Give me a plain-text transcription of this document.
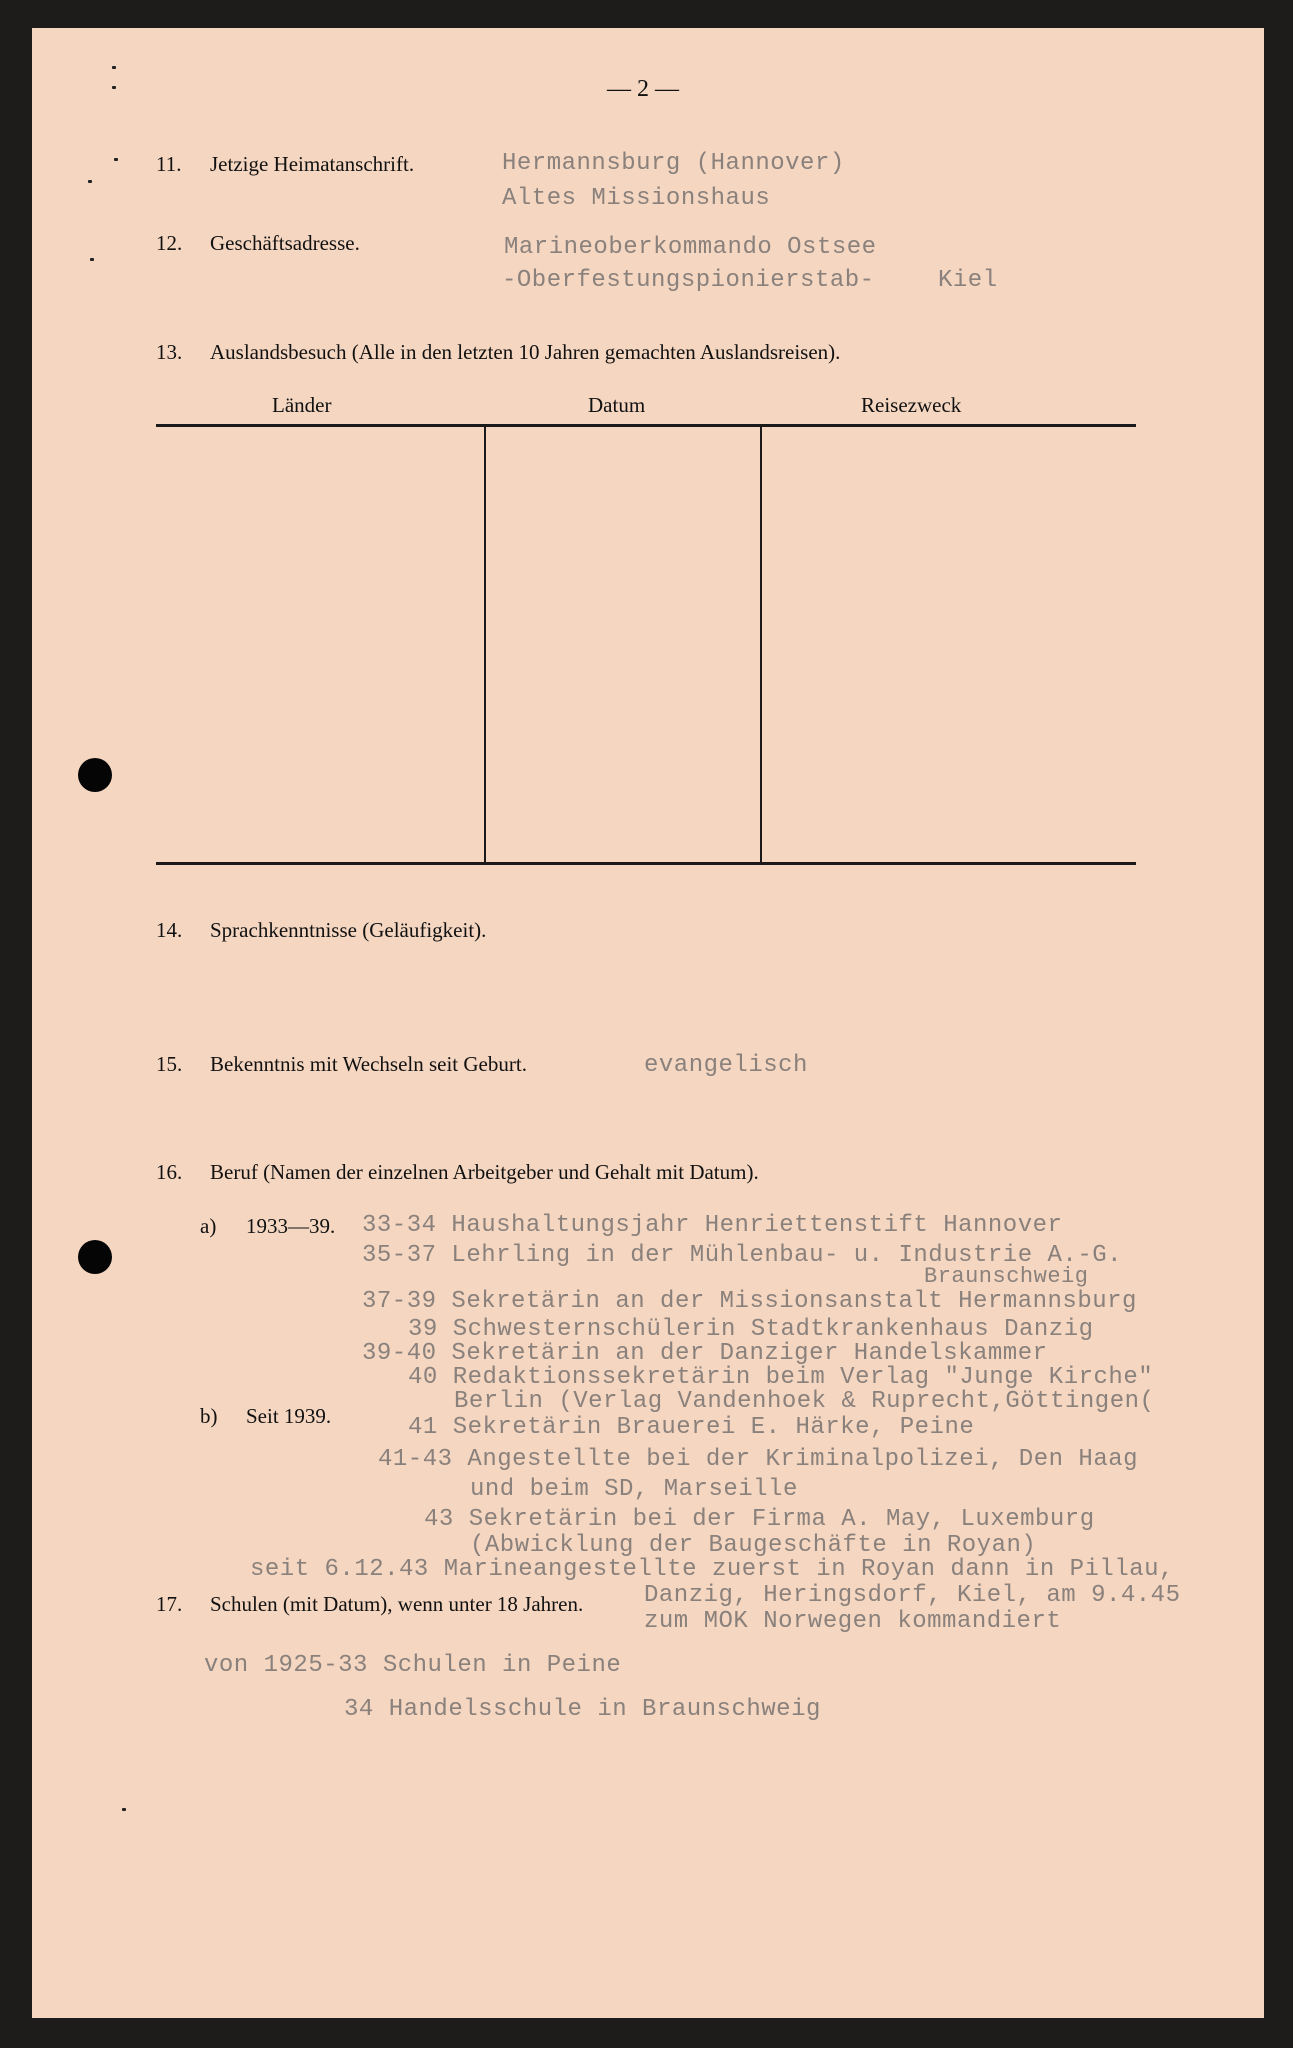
— 2 —
11. Jetzige Heimatanschrift.	Hermannsburg (Hannover)
Altes Missionshaus
12. Geschäftsadresse.	Marineoberkommando Ostsee
-Oberfestungspionierstab-	Kiel
13. Auslandsbesuch (Alle in den letzten 10 Jahren gemachten Auslandsreisen).
Länder	Datum	Reisezweck
14. Sprachkenntnisse (Geläufigkeit).
15. Bekenntnis mit Wechseln seit Geburt.	evangelisch
16. Beruf (Namen der einzelnen Arbeitgeber und Gehalt mit Datum).
a) 1933—39.
b) Seit 1939.
33-34 Haushaltungsjahr Henriettenstift Hannover
35-37 Lehrling in der Mühlenbau- u. Industrie A.-G.
Braunschweig
37-39 Sekretärin an der Missionsanstalt Hermannsburg
39 Schwesternschülerin Stadtkrankenhaus Danzig
39-40 Sekretärin an der Danziger Handelskammer
40 Redaktionssekretärin beim Verlag "Junge Kirche"
Berlin (Verlag Vandenhoek & Ruprecht,Göttingen(
41 Sekretärin Brauerei E. Härke, Peine
41-43 Angestellte bei der Kriminalpolizei, Den Haag
und beim SD, Marseille
43 Sekretärin bei der Firma A. May, Luxemburg
(Abwicklung der Baugeschäfte in Royan)
seit 6.12.43 Marineangestellte zuerst in Royan dann in Pillau,
Danzig, Heringsdorf, Kiel, am 9.4.45
zum MOK Norwegen kommandiert
17. Schulen (mit Datum), wenn unter 18 Jahren.
von 1925-33 Schulen in Peine
34 Handelsschule in Braunschweig
